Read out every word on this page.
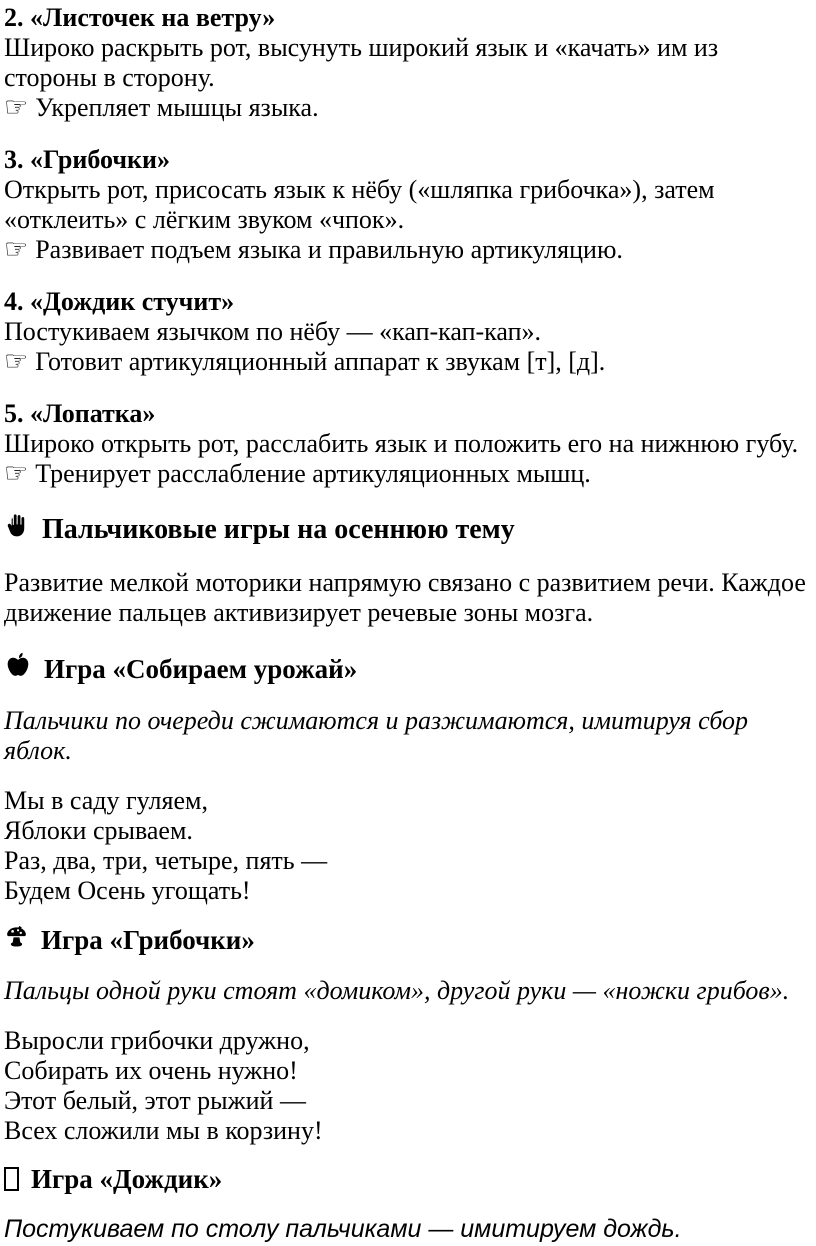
2. «Листочек на ветру»

Широко раскрыть рот, высунуть широкий язык и «качать» им из стороны в сторону.

☞ Укрепляет мышцы языка.

3. «Грибочки»

Открыть рот, присосать язык к нёбу («шляпка грибочка»), затем «отклеить» с лёгким звуком «чпок».

☞ Развивает подъем языка и правильную артикуляцию.

4. «Дождик стучит»

Постукиваем язычком по нёбу — «кап-кап-кап».

☞ Готовит артикуляционный аппарат к звукам [т], [д].

5. «Лопатка»

Широко открыть рот, расслабить язык и положить его на нижнюю губу.

☞ Тренирует расслабление артикуляционных мышц.

Пальчиковые игры на осеннюю тему

Развитие мелкой моторики напрямую связано с развитием речи. Каждое движение пальцев активизирует речевые зоны мозга.

Игра «Собираем урожай»

Пальчики по очереди сжимаются и разжимаются, имитируя сбор яблок.

Мы в саду гуляем,
Яблоки срываем.
Раз, два, три, четыре, пять —
Будем Осень угощать!
Игра «Грибочки»

Пальцы одной руки стоят «домиком», другой руки — «ножки грибов».

Выросли грибочки дружно,
Собирать их очень нужно!
Этот белый, этот рыжий —
Всех сложили мы в корзину!
Игра «Дождик»

Постукиваем по столу пальчиками — имитируем дождь.
